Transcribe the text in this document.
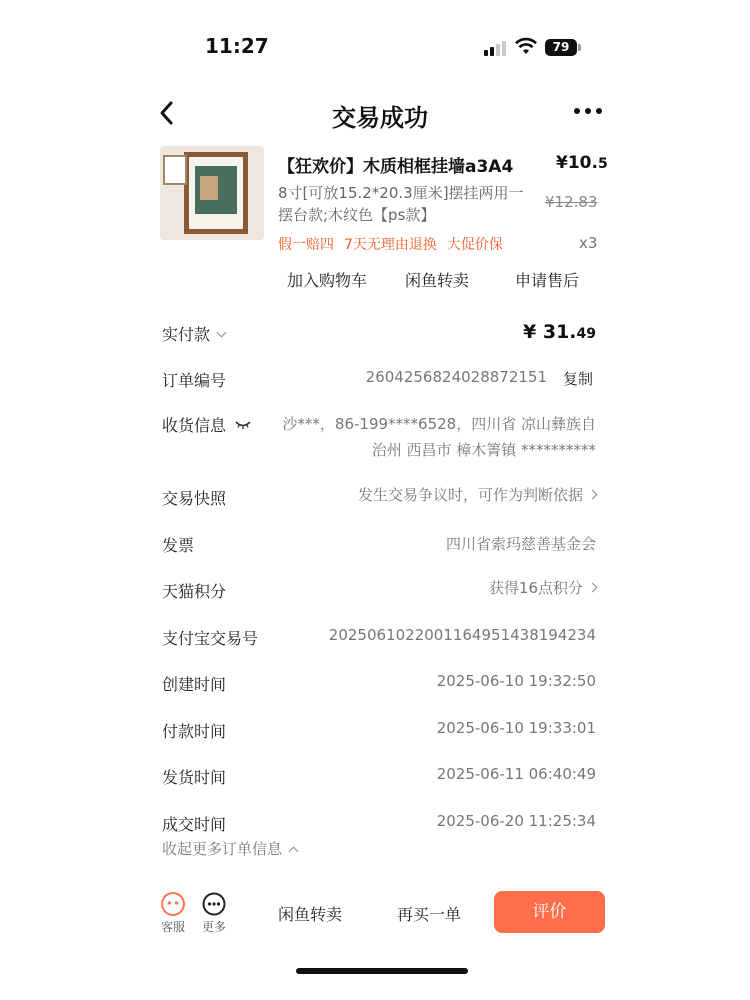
11:27	79
交易成功
【狂欢价】木质相框挂墙a3A4	¥10.5
8寸[可放15.2*20.3厘米]摆挂两用一摆台款;木纹色【ps款】
¥12.83
假一赔四 7天无理由退换 大促价保	x3
加入购物车 闲鱼转卖	申请售后
实付款	¥ 31.49
订单编号	2604256824028872151 复制
收货信息	沙***，86-199****6528，四川省 凉山彝族自治州 西昌市 樟木箐镇 **********
交易快照	发生交易争议时，可作为判断依据
发票	四川省索玛慈善基金会
天猫积分	获得16点积分
支付宝交易号	2025061022001164951438194234
创建时间	2025-06-10 19:32:50
付款时间	2025-06-10 19:33:01
发货时间	2025-06-11 06:40:49
成交时间	2025-06-20 11:25:34
收起更多订单信息
客服	更多
闲鱼转卖	再买一单	评价
